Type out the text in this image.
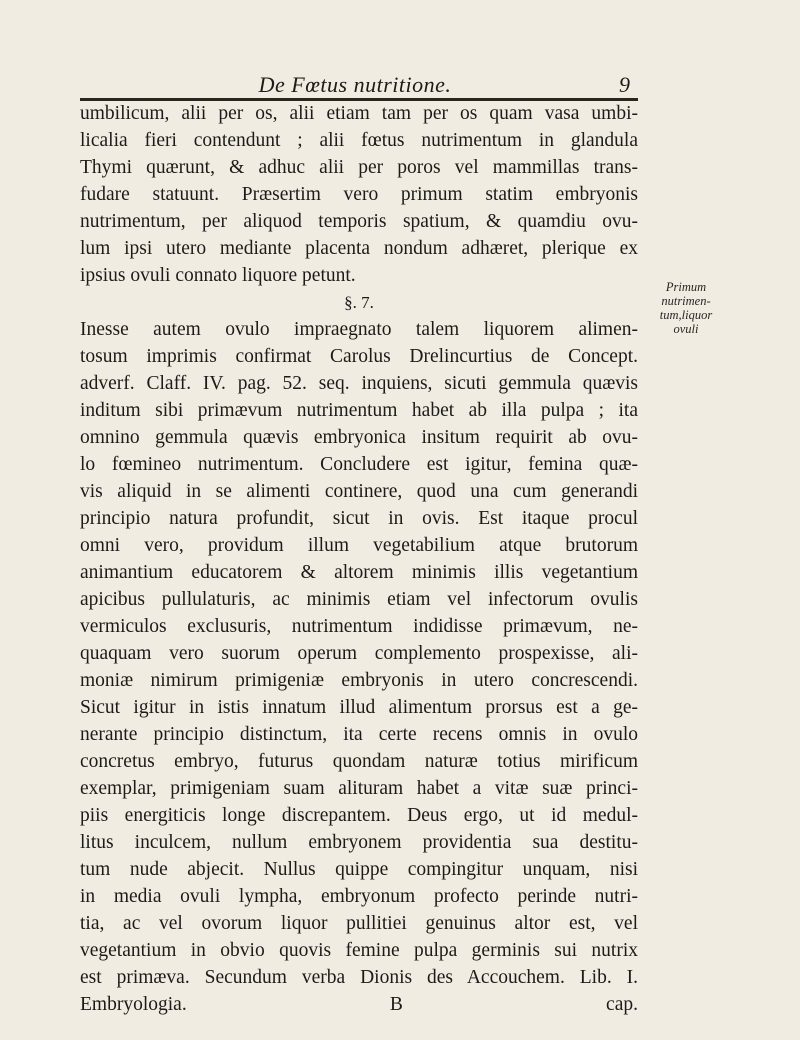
De Fœtus nutritione.	9
umbilicum, alii per os, alii etiam tam per os quam vasa umbi-
licalia fieri contendunt ; alii fœtus nutrimentum in glandula
Thymi quærunt, & adhuc alii per poros vel mammillas trans-
fudare statuunt. Præsertim vero primum statim embryonis
nutrimentum, per aliquod temporis spatium, & quamdiu ovu-
lum ipsi utero mediante placenta nondum adhæret, plerique ex
ipsius ovuli connato liquore petunt.
§. 7.
Inesse autem ovulo impraegnato talem liquorem alimen-
tosum imprimis confirmat Carolus Drelincurtius de Concept.
adverf. Claff. IV. pag. 52. seq. inquiens, sicuti gemmula quævis
inditum sibi primævum nutrimentum habet ab illa pulpa ; ita
omnino gemmula quævis embryonica insitum requirit ab ovu-
lo fœmineo nutrimentum. Concludere est igitur, femina quæ-
vis aliquid in se alimenti continere, quod una cum generandi
principio natura profundit, sicut in ovis. Est itaque procul
omni vero, providum illum vegetabilium atque brutorum
animantium educatorem & altorem minimis illis vegetantium
apicibus pullulaturis, ac minimis etiam vel infectorum ovulis
vermiculos exclusuris, nutrimentum indidisse primævum, ne-
quaquam vero suorum operum complemento prospexisse, ali-
moniæ nimirum primigeniæ embryonis in utero concrescendi.
Sicut igitur in istis innatum illud alimentum prorsus est a ge-
nerante principio distinctum, ita certe recens omnis in ovulo
concretus embryo, futurus quondam naturæ totius mirificum
exemplar, primigeniam suam alituram habet a vitæ suæ princi-
piis energiticis longe discrepantem. Deus ergo, ut id medul-
litus inculcem, nullum embryonem providentia sua destitu-
tum nude abjecit. Nullus quippe compingitur unquam, nisi
in media ovuli lympha, embryonum profecto perinde nutri-
tia, ac vel ovorum liquor pullitiei genuinus altor est, vel
vegetantium in obvio quovis femine pulpa germinis sui nutrix
est primæva. Secundum verba Dionis des Accouchem. Lib. I.
Embryologia. B cap.
Primum
nutrimen-
tum,liquor
ovuli
